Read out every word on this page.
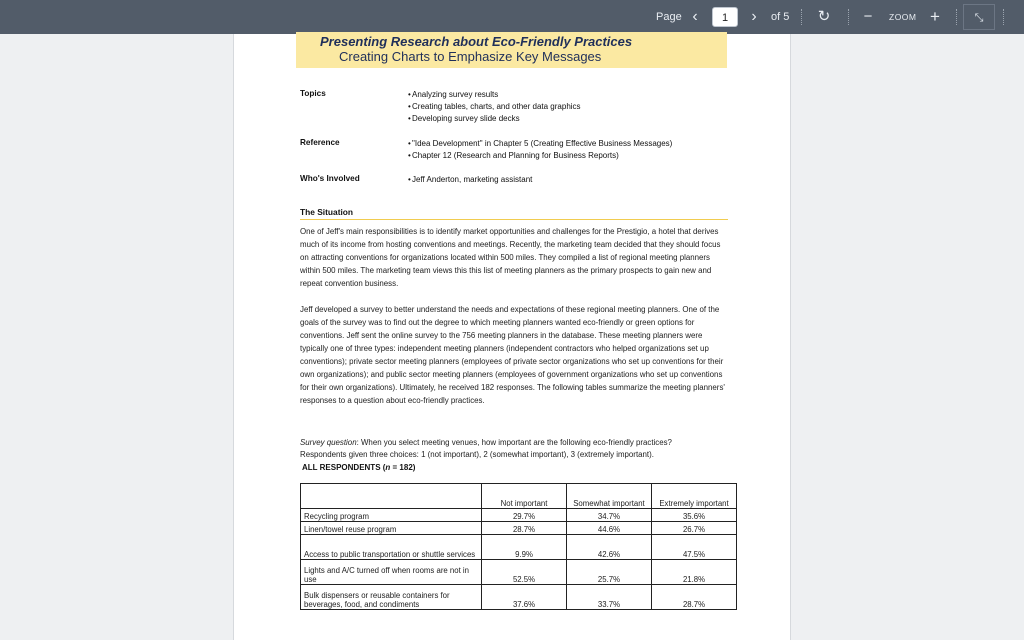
Page ‹	1	›	of 5 ↻ −	ZOOM +	⤡
Presenting Research about Eco-Friendly Practices
Creating Charts to Emphasize Key Messages
Topics	• Analyzing survey results
• Creating tables, charts, and other data graphics
• Developing survey slide decks
Reference	• "Idea Development" in Chapter 5 (Creating Effective Business Messages)
• Chapter 12 (Research and Planning for Business Reports)
Who's Involved	• Jeff Anderton, marketing assistant
The Situation
One of Jeff's main responsibilities is to identify market opportunities and challenges for the Prestigio, a hotel that derives much of its income from hosting conventions and meetings. Recently, the marketing team decided that they should focus on attracting conventions for organizations located within 500 miles. They compiled a list of regional meeting planners within 500 miles. The marketing team views this this list of meeting planners as the primary prospects to gain new and repeat convention business.
Jeff developed a survey to better understand the needs and expectations of these regional meeting planners. One of the goals of the survey was to find out the degree to which meeting planners wanted eco-friendly or green options for conventions. Jeff sent the online survey to the 756 meeting planners in the database. These meeting planners were typically one of three types: independent meeting planners (independent contractors who helped organizations set up conventions); private sector meeting planners (employees of private sector organizations who set up conventions for their own organizations); and public sector meeting planners (employees of government organizations who set up conventions for their own organizations). Ultimately, he received 182 responses. The following tables summarize the meeting planners' responses to a question about eco-friendly practices.
Survey question: When you select meeting venues, how important are the following eco-friendly practices?
Respondents given three choices: 1 (not important), 2 (somewhat important), 3 (extremely important).
ALL RESPONDENTS (n = 182)
	Not important	Somewhat important	Extremely important
Recycling program	29.7%	34.7%	35.6%
Linen/towel reuse program	28.7%	44.6%	26.7%
Access to public transportation or shuttle services	9.9%	42.6%	47.5%
Lights and A/C turned off when rooms are not in use	52.5%	25.7%	21.8%
Bulk dispensers or reusable containers for beverages, food, and condiments	37.6%	33.7%	28.7%
